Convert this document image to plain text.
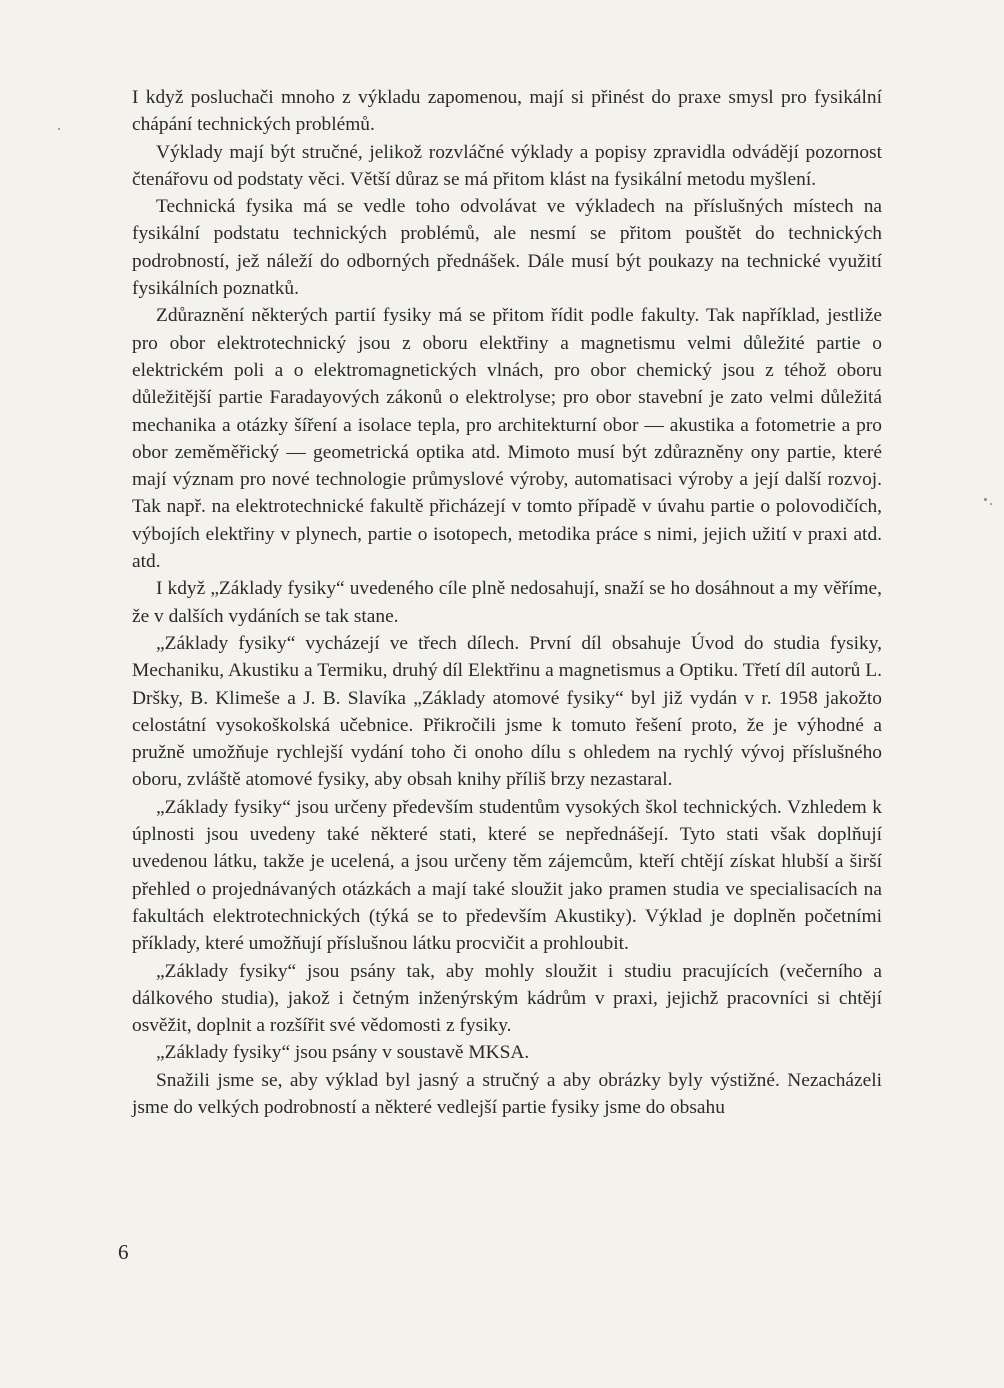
I když posluchači mnoho z výkladu zapomenou, mají si přinést do praxe smysl pro fysikální chápání technických problémů.

Výklady mají být stručné, jelikož rozvláčné výklady a popisy zpravidla odvádějí pozornost čtenářovu od podstaty věci. Větší důraz se má přitom klást na fysikální metodu myšlení.

Technická fysika má se vedle toho odvolávat ve výkladech na příslušných místech na fysikální podstatu technických problémů, ale nesmí se přitom pouštět do technických podrobností, jež náleží do odborných přednášek. Dále musí být poukazy na technické využití fysikálních poznatků.

Zdůraznění některých partií fysiky má se přitom řídit podle fakulty. Tak například, jestliže pro obor elektrotechnický jsou z oboru elektřiny a magnetismu velmi důležité partie o elektrickém poli a o elektromagnetických vlnách, pro obor chemický jsou z téhož oboru důležitější partie Faradayových zákonů o elektrolyse; pro obor stavební je zato velmi důležitá mechanika a otázky šíření a isolace tepla, pro architekturní obor — akustika a fotometrie a pro obor zeměměřický — geometrická optika atd. Mimoto musí být zdůrazněny ony partie, které mají význam pro nové technologie průmyslové výroby, automatisaci výroby a její další rozvoj. Tak např. na elektrotechnické fakultě přicházejí v tomto případě v úvahu partie o polovodičích, výbojích elektřiny v plynech, partie o isotopech, metodika práce s nimi, jejich užití v praxi atd. atd.

I když „Základy fysiky“ uvedeného cíle plně nedosahují, snaží se ho dosáhnout a my věříme, že v dalších vydáních se tak stane.

„Základy fysiky“ vycházejí ve třech dílech. První díl obsahuje Úvod do studia fysiky, Mechaniku, Akustiku a Termiku, druhý díl Elektřinu a magnetismus a Optiku. Třetí díl autorů L. Dršky, B. Klimeše a J. B. Slavíka „Základy atomové fysiky“ byl již vydán v r. 1958 jakožto celostátní vysokoškolská učebnice. Přikročili jsme k tomuto řešení proto, že je výhodné a pružně umožňuje rychlejší vydání toho či onoho dílu s ohledem na rychlý vývoj příslušného oboru, zvláště atomové fysiky, aby obsah knihy příliš brzy nezastaral.

„Základy fysiky“ jsou určeny především studentům vysokých škol technických. Vzhledem k úplnosti jsou uvedeny také některé stati, které se nepřednášejí. Tyto stati však doplňují uvedenou látku, takže je ucelená, a jsou určeny těm zájemcům, kteří chtějí získat hlubší a širší přehled o projednávaných otázkách a mají také sloužit jako pramen studia ve specialisacích na fakultách elektrotechnických (týká se to především Akustiky). Výklad je doplněn početními příklady, které umožňují příslušnou látku procvičit a prohloubit.

„Základy fysiky“ jsou psány tak, aby mohly sloužit i studiu pracujících (večerního a dálkového studia), jakož i četným inženýrským kádrům v praxi, jejichž pracovníci si chtějí osvěžit, doplnit a rozšířit své vědomosti z fysiky.

„Základy fysiky“ jsou psány v soustavě MKSA.

Snažili jsme se, aby výklad byl jasný a stručný a aby obrázky byly výstižné. Nezacházeli jsme do velkých podrobností a některé vedlejší partie fysiky jsme do obsahu

6
